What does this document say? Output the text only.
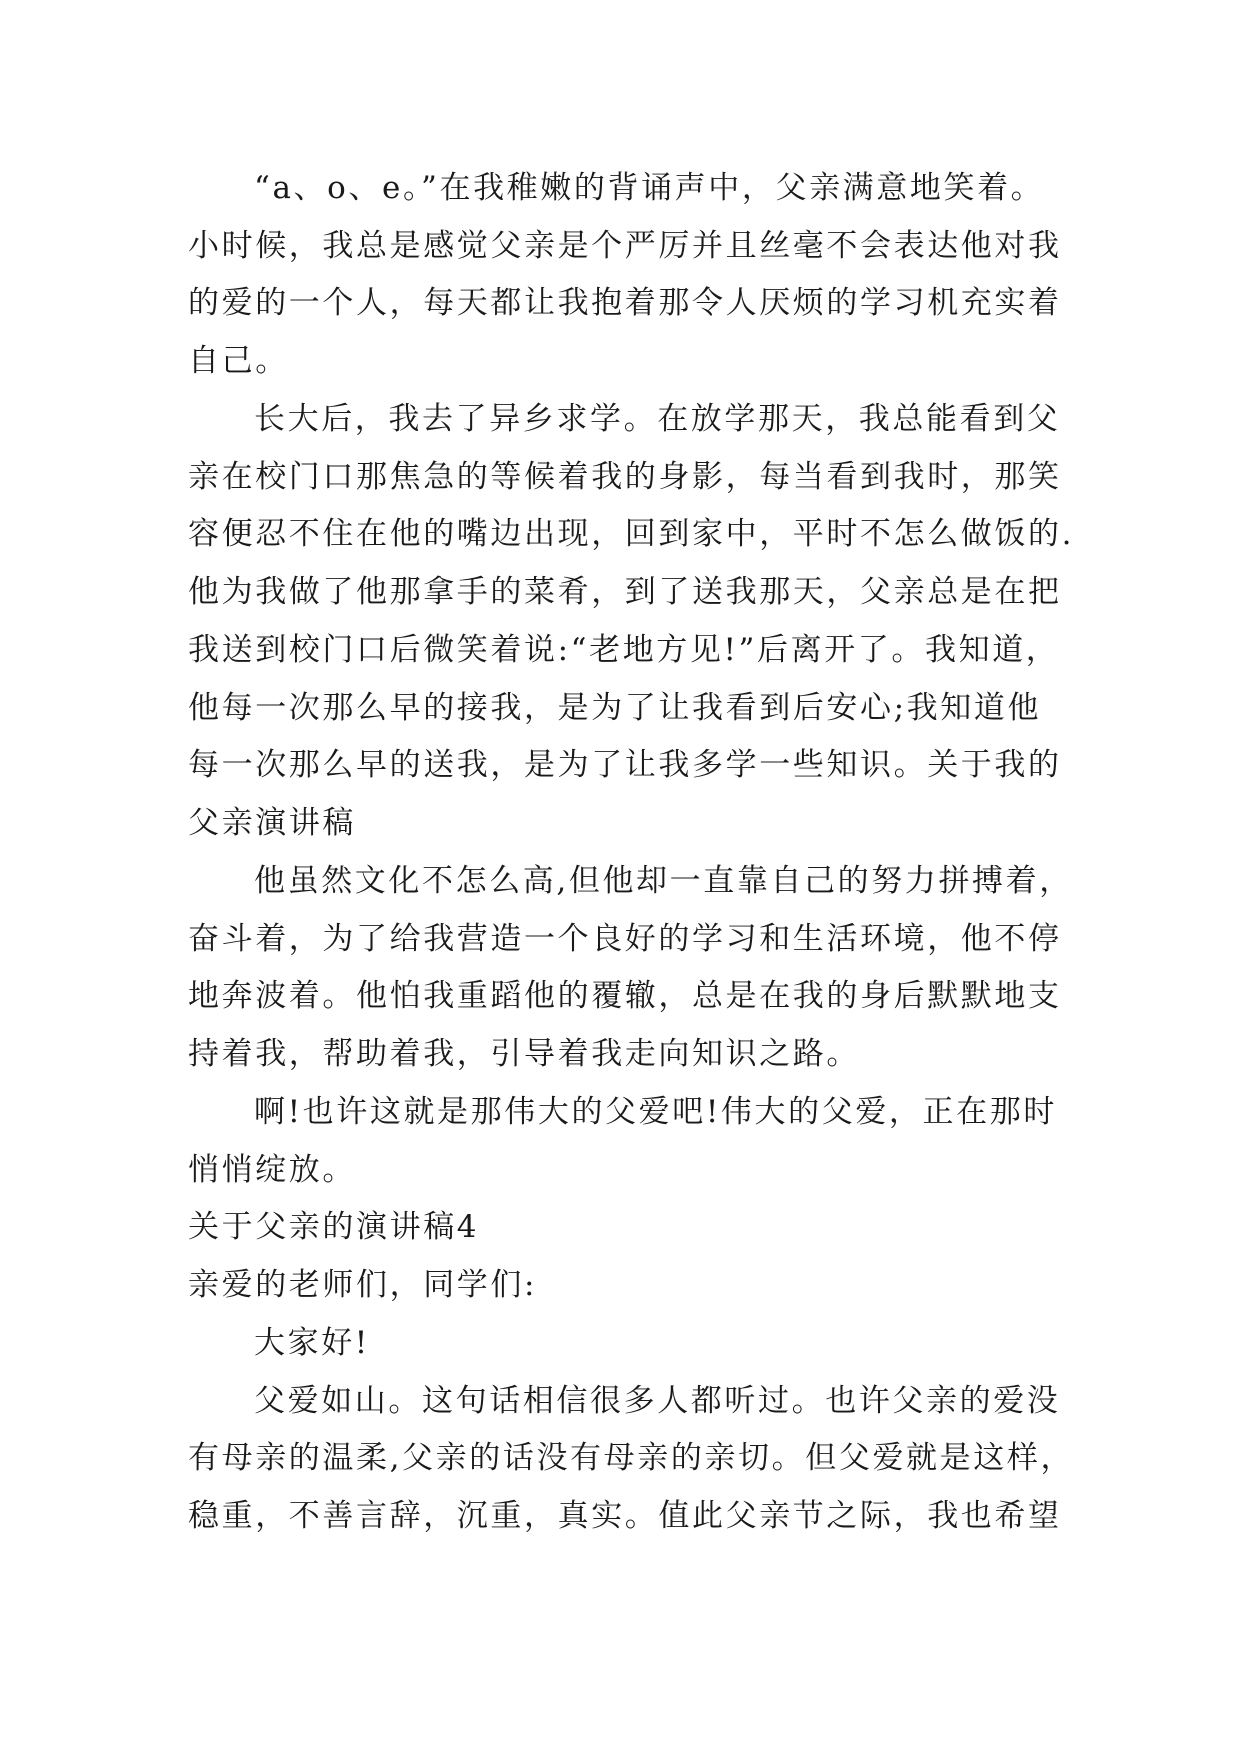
“a、o、e。”在我稚嫩的背诵声中，父亲满意地笑着。
小时候，我总是感觉父亲是个严厉并且丝毫不会表达他对我
的爱的一个人，每天都让我抱着那令人厌烦的学习机充实着
自己。
长大后，我去了异乡求学。在放学那天，我总能看到父
亲在校门口那焦急的等候着我的身影，每当看到我时，那笑
容便忍不住在他的嘴边出现，回到家中，平时不怎么做饭的.
他为我做了他那拿手的菜肴，到了送我那天，父亲总是在把
我送到校门口后微笑着说:“老地方见!”后离开了。我知道，
他每一次那么早的接我，是为了让我看到后安心;我知道他
每一次那么早的送我，是为了让我多学一些知识。关于我的
父亲演讲稿
他虽然文化不怎么高,但他却一直靠自己的努力拼搏着，
奋斗着，为了给我营造一个良好的学习和生活环境，他不停
地奔波着。他怕我重蹈他的覆辙，总是在我的身后默默地支
持着我，帮助着我，引导着我走向知识之路。
啊!也许这就是那伟大的父爱吧!伟大的父爱，正在那时
悄悄绽放。
关于父亲的演讲稿4
亲爱的老师们，同学们:
大家好!
父爱如山。这句话相信很多人都听过。也许父亲的爱没
有母亲的温柔,父亲的话没有母亲的亲切。但父爱就是这样，
稳重，不善言辞，沉重，真实。值此父亲节之际，我也希望
